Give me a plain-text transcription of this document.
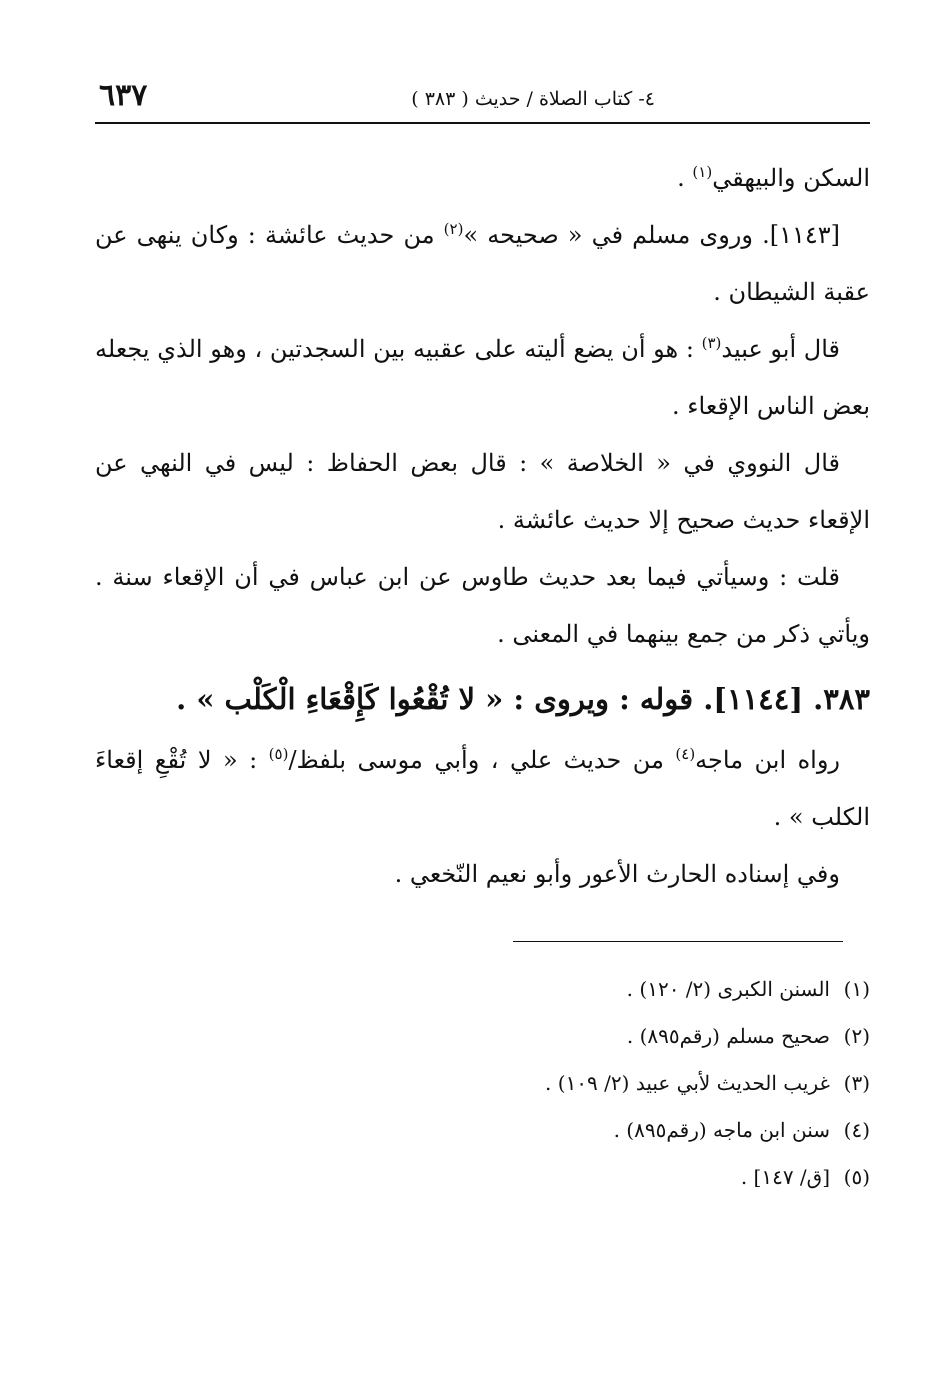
٤- كتاب الصلاة / حديث ( ٣٨٣ )
٦٣٧

السكن والبيهقي$^{(١)}$ .

[١١٤٣]. وروى مسلم في « صحيحه »$^{(٢)}$ من حديث عائشة : وكان ينهى عن عقبة الشيطان .

قال أبو عبيد$^{(٣)}$ : هو أن يضع أليته على عقبيه بين السجدتين ، وهو الذي يجعله بعض الناس الإقعاء .

قال النووي في « الخلاصة » : قال بعض الحفاظ : ليس في النهي عن الإقعاء حديث صحيح إلا حديث عائشة .

قلت : وسيأتي فيما بعد حديث طاوس عن ابن عباس في أن الإقعاء سنة . ويأتي ذكر من جمع بينهما في المعنى .

٣٨٣. [١١٤٤]. قوله : ويروى : « لا تُقْعُوا كَإِقْعَاءِ الْكَلْب » .

رواه ابن ماجه$^{(٤)}$ من حديث علي ، وأبي موسى بلفظ/$^{(٥)}$ : « لا تُقْعِ إقعاءَ الكلب » .

وفي إسناده الحارث الأعور وأبو نعيم النّخعي .

(١)السنن الكبرى (٢/ ١٢٠) .

(٢)صحيح مسلم (رقم٨٩٥) .

(٣)غريب الحديث لأبي عبيد (٢/ ١٠٩) .

(٤)سنن ابن ماجه (رقم٨٩٥) .

(٥)[ق/ ١٤٧] .
